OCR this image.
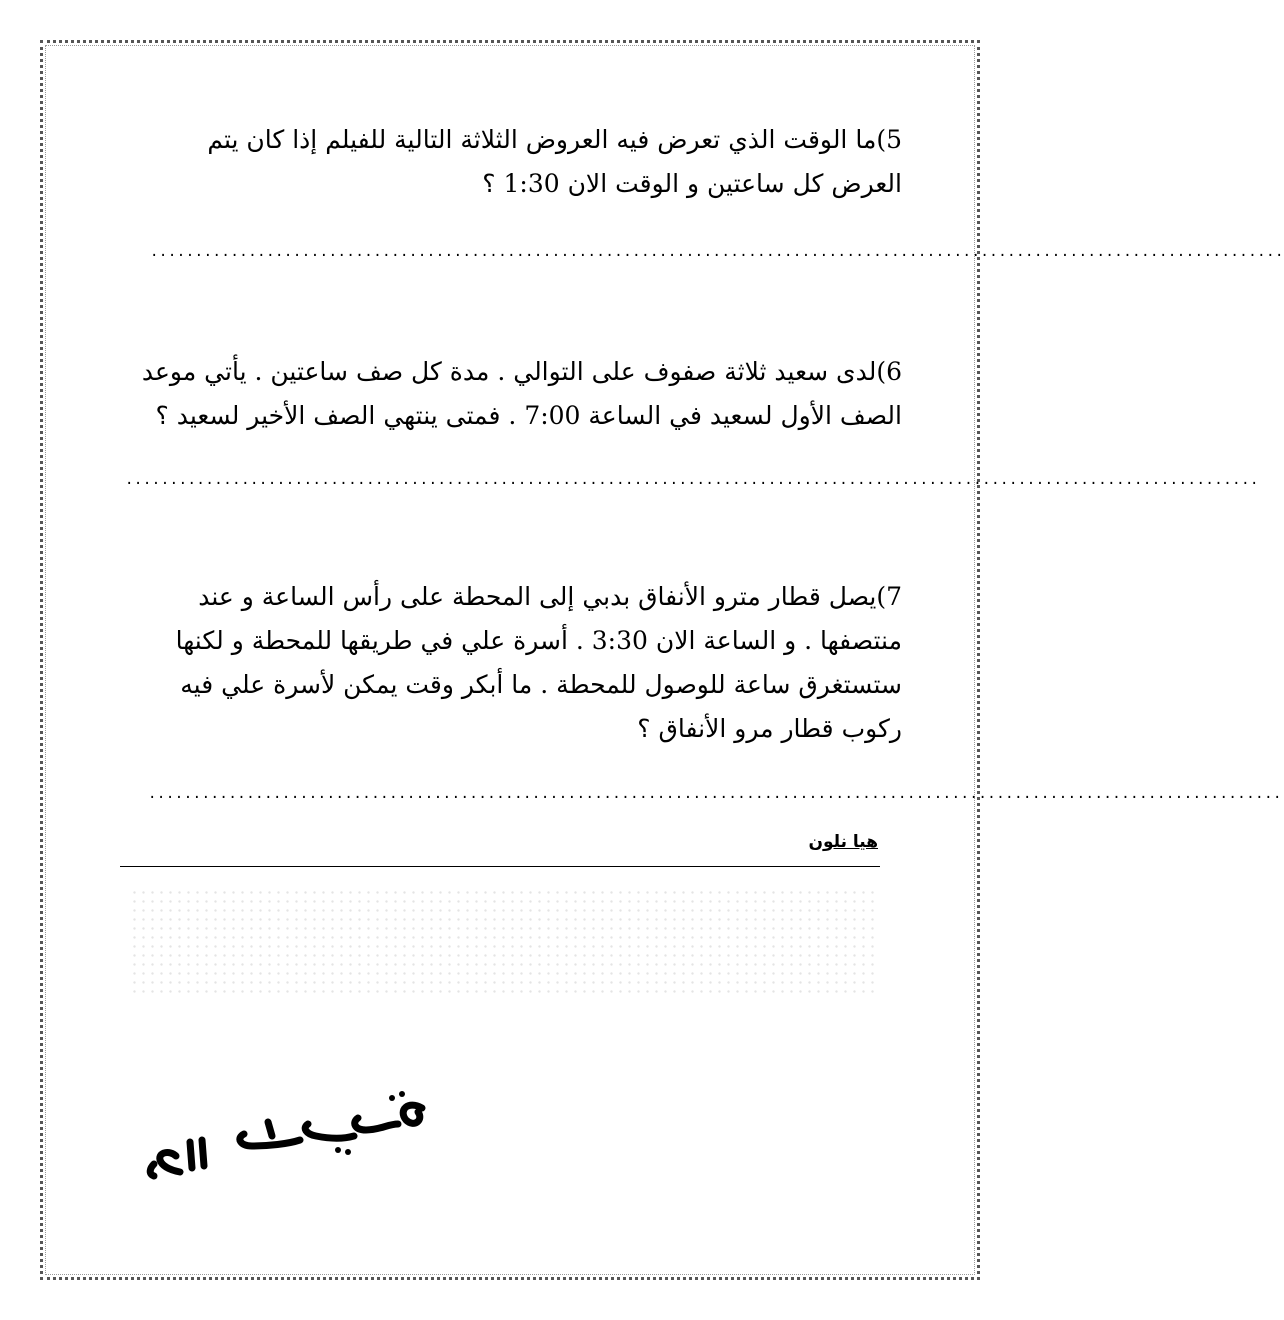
5)ما الوقت الذي تعرض فيه العروض الثلاثة التالية للفيلم إذا كان يتم العرض كل ساعتين و الوقت الان 1:30 ؟
...............................................................................................................................
6)لدى سعيد ثلاثة صفوف على التوالي . مدة كل صف ساعتين . يأتي موعد الصف الأول لسعيد في الساعة 7:00 . فمتى ينتهي الصف الأخير لسعيد ؟
...............................................................................................................................
7)يصل قطار مترو الأنفاق بدبي إلى المحطة على رأس الساعة و عند منتصفها . و الساعة الان 3:30 . أسرة علي في طريقها للمحطة و لكنها ستستغرق ساعة للوصول للمحطة . ما أبكر وقت يمكن لأسرة علي فيه ركوب قطار مرو الأنفاق ؟
...............................................................................................................................
هيا نلون
